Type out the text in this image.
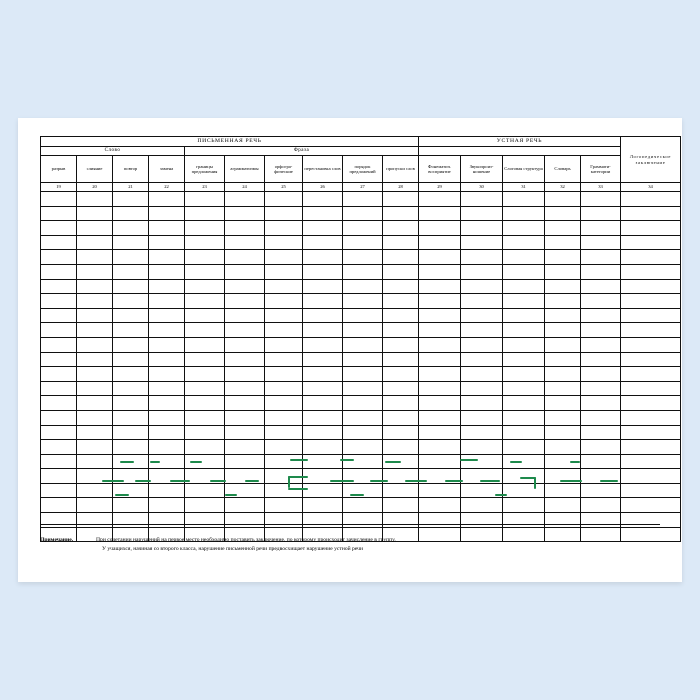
ПИСЬМЕННАЯ РЕЧЬ										УСТНАЯ РЕЧЬ					Логопедическое заключение
Слово				Фраза											
разрыв	слияние	повтор	замена	границы предложения	аграмматизмы	орфогра- фические	перестановка слов	порядок предложений	пропуски слов	Фонематич. восприятие	Звукопроиз- ношение	Слоговая структура	Словарь	Граммати- категории	
19	20	21	22	23	24	25	26	27	28	29	30	31	32	33	34

Примечание.	При сочетании нарушений на первое место необходимо поставить заключение, по которому происходит зачисление в группу.
У учащихся, начиная со второго класса, нарушение письменной речи предвосхищает нарушение устной речи
